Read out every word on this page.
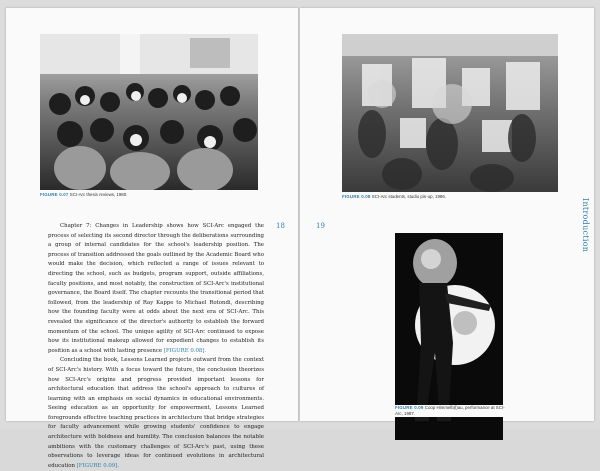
FIGURE 0.07 SCI-Arc thesis reviews, 1980.

Chapter 7: Changes in Leadership shows how SCI-Arc engaged the process of selecting its second director through the deliberations surrounding a group of internal candidates for the school's leadership position. The process of transition addressed the goals outlined by the Academic Board who would make the decision, which reflected a range of issues relevant to directing the school, such as budgets, program support, outside affiliations, faculty positions, and most notably, the construction of SCI-Arc's institutional governance, the Board itself. The chapter recounts the transitional period that followed, from the leadership of Ray Kappe to Michael Rotondi, describing how the founding faculty were at odds about the next era of SCI-Arc. This revealed the significance of the director's authority to establish the forward momentum of the school. The unique agility of SCI-Arc continued to expose how its institutional makeup allowed for expedient changes to establish its position as a school with lasting presence [FIGURE 0.08].

Concluding the book, Lessons Learned projects outward from the context of SCI-Arc's history. With a focus toward the future, the conclusion theorizes how SCI-Arc's origins and progress provided important lessons for architectural education that address the school's approach to cultures of learning with an emphasis on social dynamics in educational environments. Seeing education as an opportunity for empowerment, Lessons Learned foregrounds effective teaching practices in architecture that bridge strategies for faculty advancement while growing students' confidence to engage architecture with boldness and humility. The conclusion balances the notable ambitions with the customary challenges of SCI-Arc's past, using these observations to leverage ideas for continued evolutions in architectural education [FIGURE 0.09].

18	19
FIGURE 0.08 SCI-Arc students, studio pin-up, 1986.
FIGURE 0.09 Coop Himmelb(l)au, performance at SCI-
Arc, 1987.
Introduction
